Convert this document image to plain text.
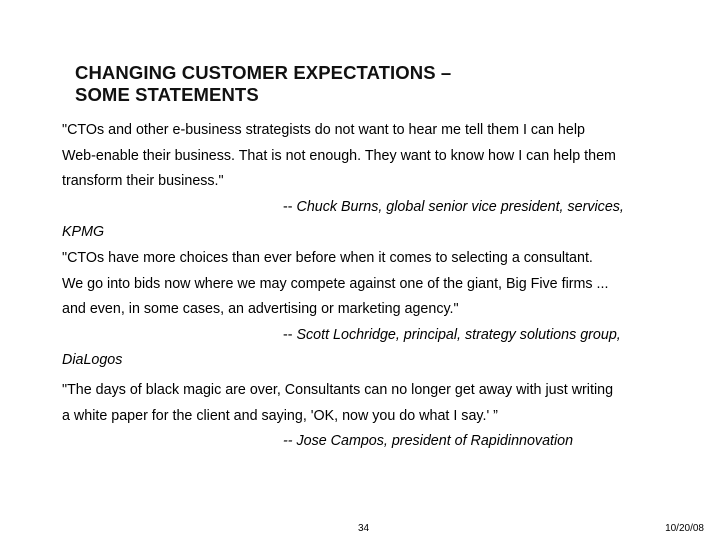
CHANGING CUSTOMER EXPECTATIONS –
SOME STATEMENTS
"CTOs and other e-business strategists do not want to hear me tell them I can help
Web-enable their business. That is not enough. They want to know how I can help them
transform their business."
-- Chuck Burns, global senior vice president, services,
KPMG
"CTOs have more choices than ever before when it comes to selecting a consultant.
We go into bids now where we may compete against one of the giant, Big Five firms ...
and even, in some cases, an advertising or marketing agency."
-- Scott Lochridge, principal, strategy solutions group,
DiaLogos
"The days of black magic are over, Consultants can no longer get away with just writing
a white paper for the client and saying, 'OK, now you do what I say.' ”
-- Jose Campos, president of Rapidinnovation
34	10/20/08
